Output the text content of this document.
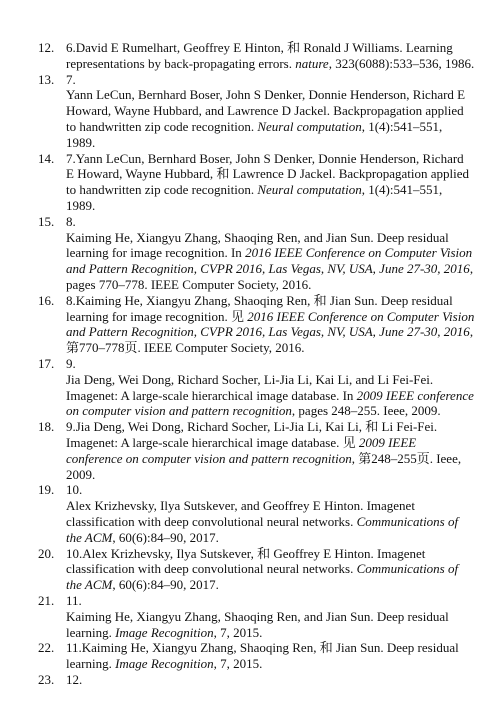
12. 6.David E Rumelhart, Geoffrey E Hinton, 和 Ronald J Williams. Learning
representations by back-propagating errors. nature, 323(6088):533–536, 1986.
13. 7.
Yann LeCun, Bernhard Boser, John S Denker, Donnie Henderson, Richard E
Howard, Wayne Hubbard, and Lawrence D Jackel. Backpropagation applied
to handwritten zip code recognition. Neural computation, 1(4):541–551,
1989.
14. 7.Yann LeCun, Bernhard Boser, John S Denker, Donnie Henderson, Richard
E Howard, Wayne Hubbard, 和 Lawrence D Jackel. Backpropagation applied
to handwritten zip code recognition. Neural computation, 1(4):541–551,
1989.
15. 8.
Kaiming He, Xiangyu Zhang, Shaoqing Ren, and Jian Sun. Deep residual
learning for image recognition. In 2016 IEEE Conference on Computer Vision
and Pattern Recognition, CVPR 2016, Las Vegas, NV, USA, June 27-30, 2016,
pages 770–778. IEEE Computer Society, 2016.
16. 8.Kaiming He, Xiangyu Zhang, Shaoqing Ren, 和 Jian Sun. Deep residual
learning for image recognition. 见 2016 IEEE Conference on Computer Vision
and Pattern Recognition, CVPR 2016, Las Vegas, NV, USA, June 27-30, 2016,
第770–778页. IEEE Computer Society, 2016.
17. 9.
Jia Deng, Wei Dong, Richard Socher, Li-Jia Li, Kai Li, and Li Fei-Fei.
Imagenet: A large-scale hierarchical image database. In 2009 IEEE conference
on computer vision and pattern recognition, pages 248–255. Ieee, 2009.
18. 9.Jia Deng, Wei Dong, Richard Socher, Li-Jia Li, Kai Li, 和 Li Fei-Fei.
Imagenet: A large-scale hierarchical image database. 见 2009 IEEE
conference on computer vision and pattern recognition, 第248–255页. Ieee,
2009.
19. 10.
Alex Krizhevsky, Ilya Sutskever, and Geoffrey E Hinton. Imagenet
classification with deep convolutional neural networks. Communications of
the ACM, 60(6):84–90, 2017.
20. 10.Alex Krizhevsky, Ilya Sutskever, 和 Geoffrey E Hinton. Imagenet
classification with deep convolutional neural networks. Communications of
the ACM, 60(6):84–90, 2017.
21. 11.
Kaiming He, Xiangyu Zhang, Shaoqing Ren, and Jian Sun. Deep residual
learning. Image Recognition, 7, 2015.
22. 11.Kaiming He, Xiangyu Zhang, Shaoqing Ren, 和 Jian Sun. Deep residual
learning. Image Recognition, 7, 2015.
23. 12.
